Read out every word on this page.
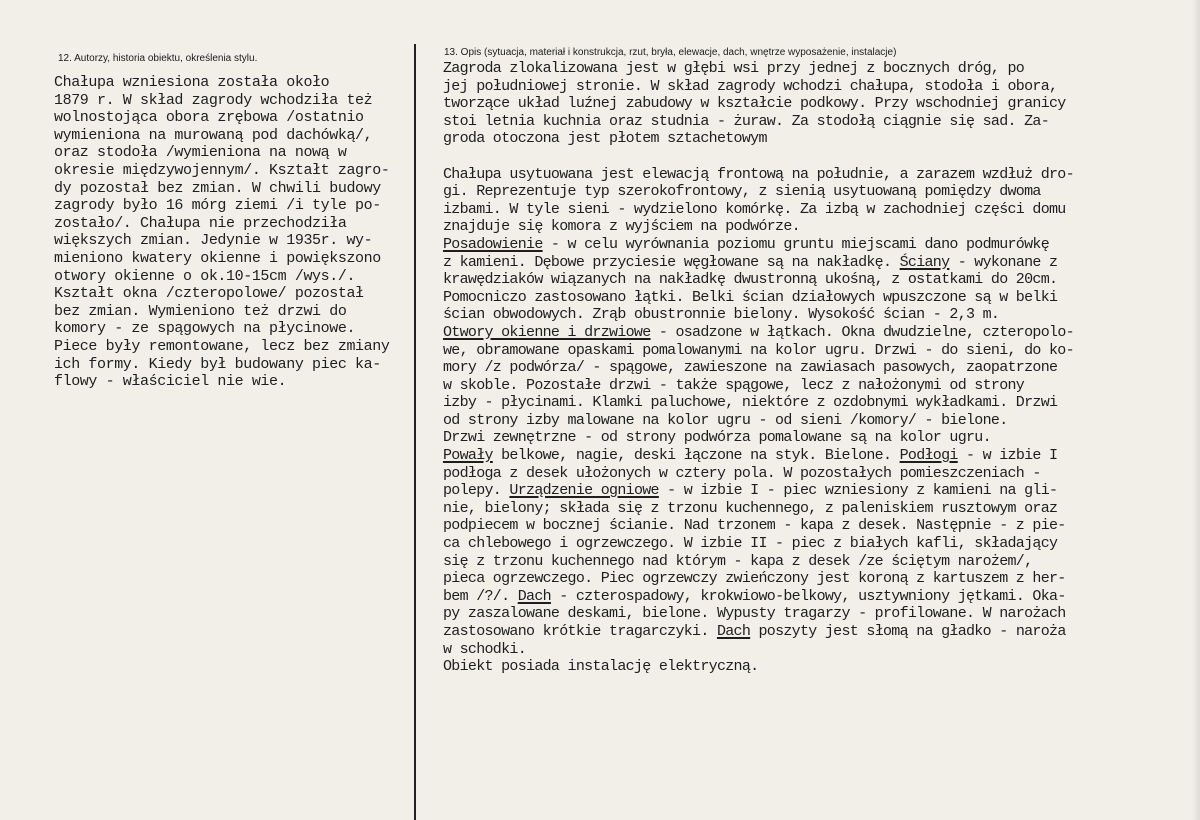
12. Autorzy, historia obiektu, określenia stylu.
13. Opis (sytuacja, materiał i konstrukcja, rzut, bryła, elewacje, dach, wnętrze wyposażenie, instalacje)
Chałupa wzniesiona została około
1879 r. W skład zagrody wchodziła też
wolnostojąca obora zrębowa /ostatnio
wymieniona na murowaną pod dachówką/,
oraz stodoła /wymieniona na nową w
okresie międzywojennym/. Kształt zagro-
dy pozostał bez zmian. W chwili budowy
zagrody było 16 mórg ziemi /i tyle po-
zostało/. Chałupa nie przechodziła
większych zmian. Jedynie w 1935r. wy-
mieniono kwatery okienne i powiększono
otwory okienne o ok.10-15cm /wys./.
Kształt okna /czteropolowe/ pozostał
bez zmian. Wymieniono też drzwi do
komory - ze spągowych na płycinowe.
Piece były remontowane, lecz bez zmiany
ich formy. Kiedy był budowany piec ka-
flowy - właściciel nie wie.
Zagroda zlokalizowana jest w głębi wsi przy jednej z bocznych dróg, po
jej południowej stronie. W skład zagrody wchodzi chałupa, stodoła i obora,
tworzące układ luźnej zabudowy w kształcie podkowy. Przy wschodniej granicy
stoi letnia kuchnia oraz studnia - żuraw. Za stodołą ciągnie się sad. Za-
groda otoczona jest płotem sztachetowym
Chałupa usytuowana jest elewacją frontową na południe, a zarazem wzdłuż dro-
gi. Reprezentuje typ szerokofrontowy, z sienią usytuowaną pomiędzy dwoma
izbami. W tyle sieni - wydzielono komórkę. Za izbą w zachodniej części domu
znajduje się komora z wyjściem na podwórze.
Posadowienie - w celu wyrównania poziomu gruntu miejscami dano podmurówkę
z kamieni. Dębowe przyciesie węgłowane są na nakładkę. Ściany - wykonane z
krawędziaków wiązanych na nakładkę dwustronną ukośną, z ostatkami do 20cm.
Pomocniczo zastosowano łątki. Belki ścian działowych wpuszczone są w belki
ścian obwodowych. Zrąb obustronnie bielony. Wysokość ścian - 2,3 m.
Otwory okienne i drzwiowe - osadzone w łątkach. Okna dwudzielne, czteropolo-
we, obramowane opaskami pomalowanymi na kolor ugru. Drzwi - do sieni, do ko-
mory /z podwórza/ - spągowe, zawieszone na zawiasach pasowych, zaopatrzone
w skoble. Pozostałe drzwi - także spągowe, lecz z nałożonymi od strony
izby - płycinami. Klamki paluchowe, niektóre z ozdobnymi wykładkami. Drzwi
od strony izby malowane na kolor ugru - od sieni /komory/ - bielone.
Drzwi zewnętrzne - od strony podwórza pomalowane są na kolor ugru.
Powały belkowe, nagie, deski łączone na styk. Bielone. Podłogi - w izbie I
podłoga z desek ułożonych w cztery pola. W pozostałych pomieszczeniach -
polepy. Urządzenie ogniowe - w izbie I - piec wzniesiony z kamieni na gli-
nie, bielony; składa się z trzonu kuchennego, z paleniskiem rusztowym oraz
podpiecem w bocznej ścianie. Nad trzonem - kapa z desek. Następnie - z pie-
ca chlebowego i ogrzewczego. W izbie II - piec z białych kafli, składający
się z trzonu kuchennego nad którym - kapa z desek /ze ściętym narożem/,
pieca ogrzewczego. Piec ogrzewczy zwieńczony jest koroną z kartuszem z her-
bem /?/. Dach - czterospadowy, krokwiowo-belkowy, usztywniony jętkami. Oka-
py zaszalowane deskami, bielone. Wypusty tragarzy - profilowane. W narożach
zastosowano krótkie tragarczyki. Dach poszyty jest słomą na gładko - naroża
w schodki.
Obiekt posiada instalację elektryczną.
